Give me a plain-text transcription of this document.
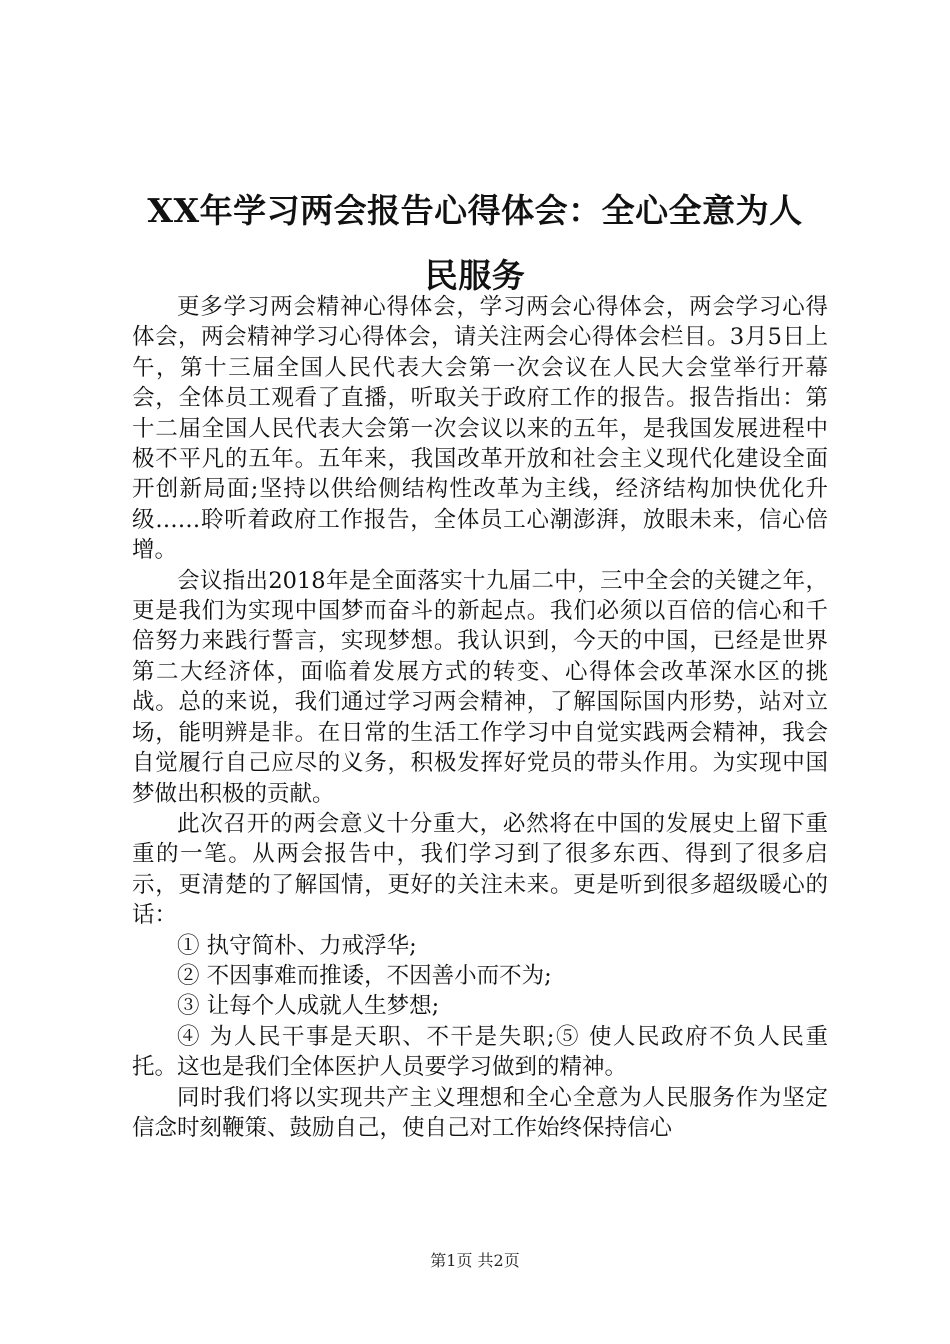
XX年学习两会报告心得体会：全心全意为人
民服务

更多学习两会精神心得体会，学习两会心得体会，两会学习心得体会，两会精神学习心得体会，请关注两会心得体会栏目。3月5日上午，第十三届全国人民代表大会第一次会议在人民大会堂举行开幕会，全体员工观看了直播，听取关于政府工作的报告。报告指出：第十二届全国人民代表大会第一次会议以来的五年，是我国发展进程中极不平凡的五年。五年来，我国改革开放和社会主义现代化建设全面开创新局面;坚持以供给侧结构性改革为主线，经济结构加快优化升级……聆听着政府工作报告，全体员工心潮澎湃，放眼未来，信心倍增。

会议指出2018年是全面落实十九届二中，三中全会的关键之年，更是我们为实现中国梦而奋斗的新起点。我们必须以百倍的信心和千倍努力来践行誓言，实现梦想。我认识到，今天的中国，已经是世界第二大经济体，面临着发展方式的转变、心得体会改革深水区的挑战。总的来说，我们通过学习两会精神，了解国际国内形势，站对立场，能明辨是非。在日常的生活工作学习中自觉实践两会精神，我会自觉履行自己应尽的义务，积极发挥好党员的带头作用。为实现中国梦做出积极的贡献。

此次召开的两会意义十分重大，必然将在中国的发展史上留下重重的一笔。从两会报告中，我们学习到了很多东西、得到了很多启示，更清楚的了解国情，更好的关注未来。更是听到很多超级暖心的话：

① 执守简朴、力戒浮华;

② 不因事难而推诿，不因善小而不为;

③ 让每个人成就人生梦想;

④ 为人民干事是天职、不干是失职;⑤ 使人民政府不负人民重托。这也是我们全体医护人员要学习做到的精神。

同时我们将以实现共产主义理想和全心全意为人民服务作为坚定信念时刻鞭策、鼓励自己，使自己对工作始终保持信心

第1页 共2页
